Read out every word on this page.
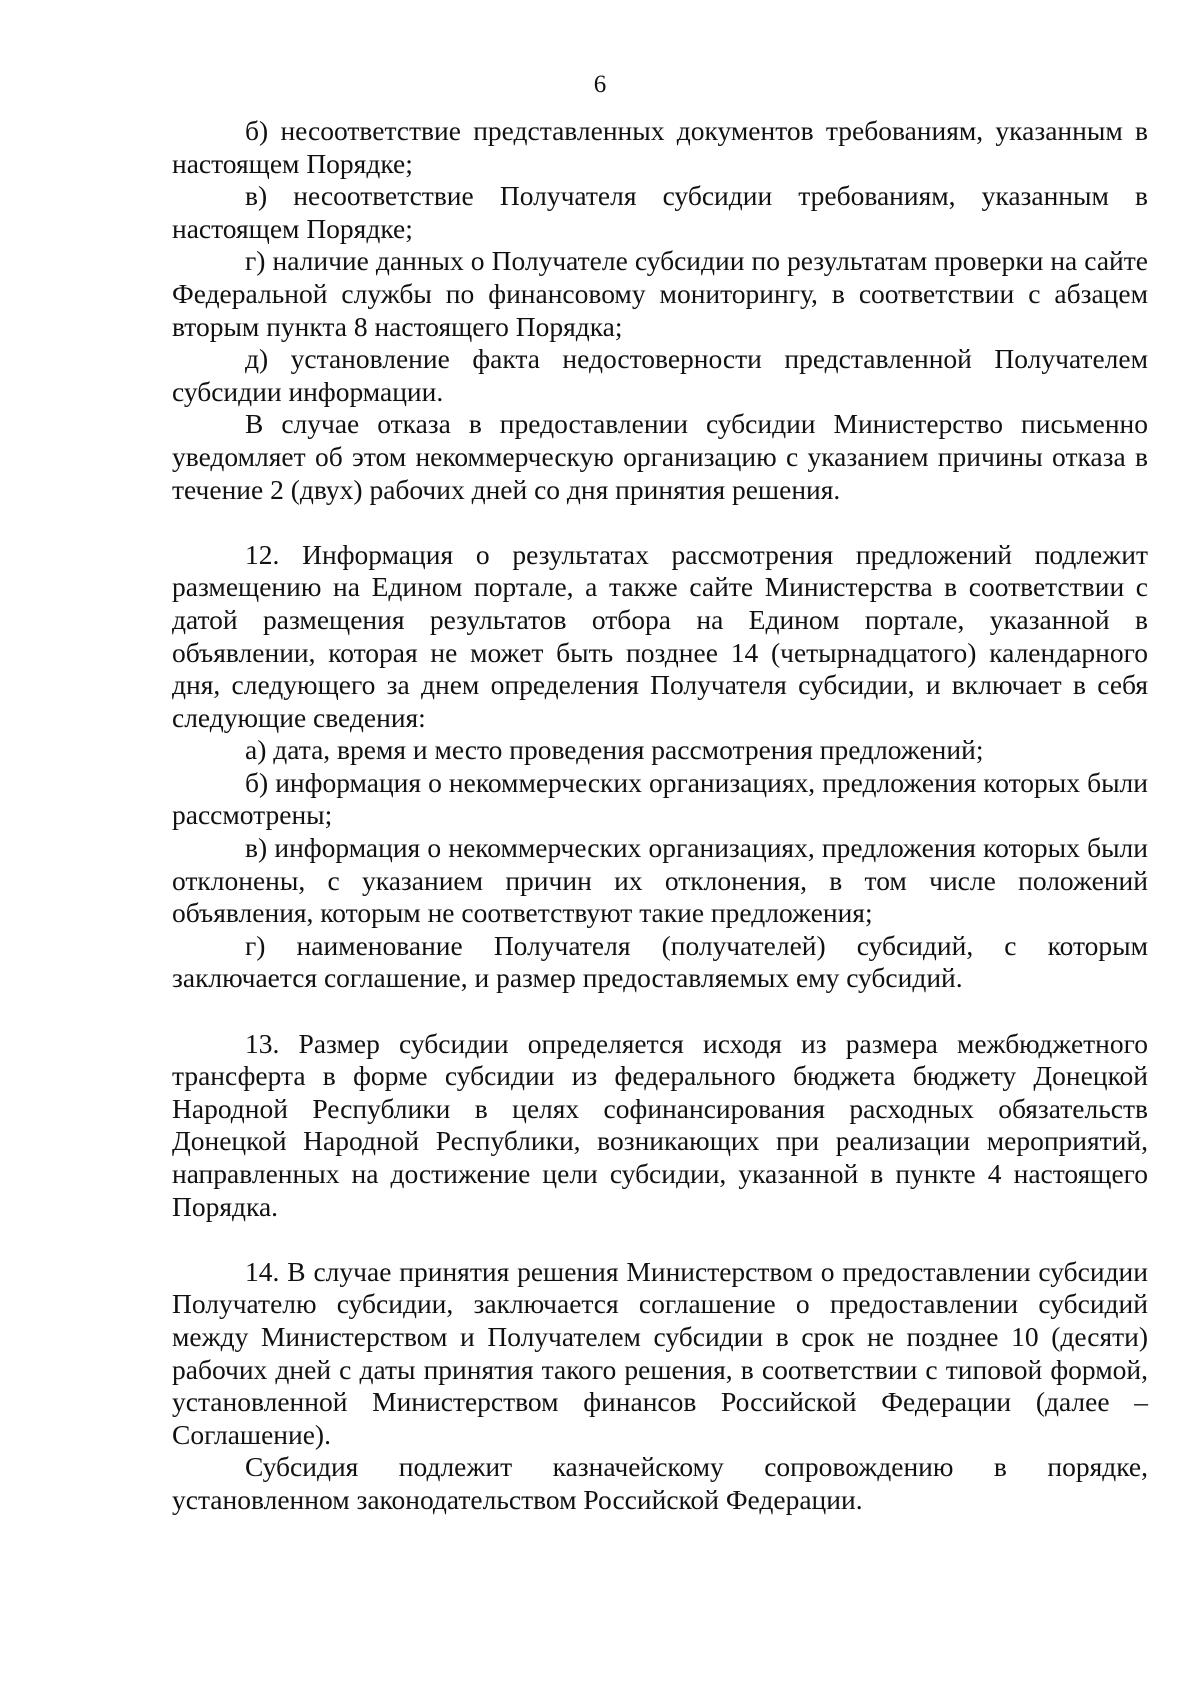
6

б) несоответствие представленных документов требованиям, указанным в настоящем Порядке;

в) несоответствие Получателя субсидии требованиям, указанным в настоящем Порядке;

г) наличие данных о Получателе субсидии по результатам проверки на сайте Федеральной службы по финансовому мониторингу, в соответствии с абзацем вторым пункта 8 настоящего Порядка;

д) установление факта недостоверности представленной Получателем субсидии информации.

В случае отказа в предоставлении субсидии Министерство письменно уведомляет об этом некоммерческую организацию с указанием причины отказа в течение 2 (двух) рабочих дней со дня принятия решения.

12. Информация о результатах рассмотрения предложений подлежит размещению на Едином портале, а также сайте Министерства в соответствии с датой размещения результатов отбора на Едином портале, указанной в объявлении, которая не может быть позднее 14 (четырнадцатого) календарного дня, следующего за днем определения Получателя субсидии, и включает в себя следующие сведения:

а) дата, время и место проведения рассмотрения предложений;

б) информация о некоммерческих организациях, предложения которых были рассмотрены;

в) информация о некоммерческих организациях, предложения которых были отклонены, с указанием причин их отклонения, в том числе положений объявления, которым не соответствуют такие предложения;

г) наименование Получателя (получателей) субсидий, с которым заключается соглашение, и размер предоставляемых ему субсидий.

13. Размер субсидии определяется исходя из размера межбюджетного трансферта в форме субсидии из федерального бюджета бюджету Донецкой Народной Республики в целях софинансирования расходных обязательств Донецкой Народной Республики, возникающих при реализации мероприятий, направленных на достижение цели субсидии, указанной в пункте 4 настоящего Порядка.

14. В случае принятия решения Министерством о предоставлении субсидии Получателю субсидии, заключается соглашение о предоставлении субсидий между Министерством и Получателем субсидии в срок не позднее 10 (десяти) рабочих дней с даты принятия такого решения, в соответствии с типовой формой, установленной Министерством финансов Российской Федерации (далее – Соглашение).

Субсидия подлежит казначейскому сопровождению в порядке, установленном законодательством Российской Федерации.
